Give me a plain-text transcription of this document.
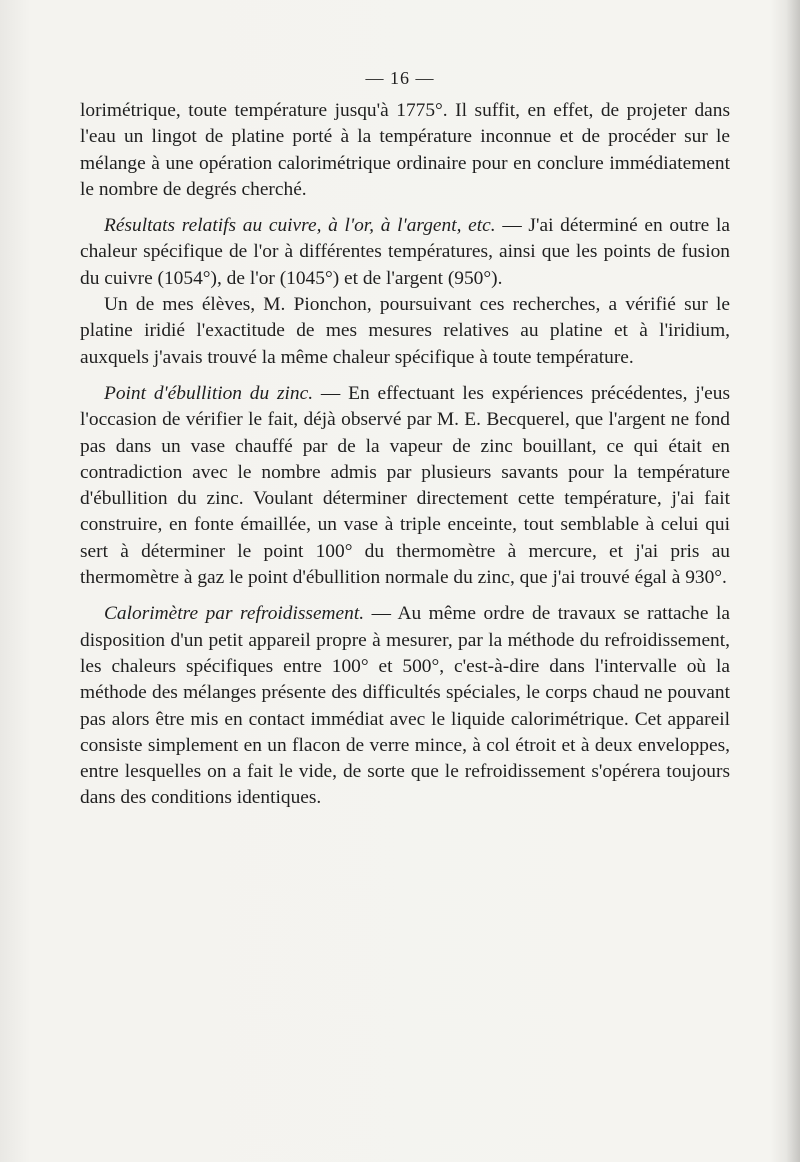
— 16 —

lorimétrique, toute température jusqu'à 1775°. Il suffit, en effet, de projeter dans l'eau un lingot de platine porté à la température inconnue et de procéder sur le mélange à une opération calorimétrique ordinaire pour en conclure immédiatement le nombre de degrés cherché.

Résultats relatifs au cuivre, à l'or, à l'argent, etc. — J'ai déterminé en outre la chaleur spécifique de l'or à différentes températures, ainsi que les points de fusion du cuivre (1054°), de l'or (1045°) et de l'argent (950°).

Un de mes élèves, M. Pionchon, poursuivant ces recherches, a vérifié sur le platine iridié l'exactitude de mes mesures relatives au platine et à l'iridium, auxquels j'avais trouvé la même chaleur spécifique à toute température.

Point d'ébullition du zinc. — En effectuant les expériences précédentes, j'eus l'occasion de vérifier le fait, déjà observé par M. E. Becquerel, que l'argent ne fond pas dans un vase chauffé par de la vapeur de zinc bouillant, ce qui était en contradiction avec le nombre admis par plusieurs savants pour la température d'ébullition du zinc. Voulant déterminer directement cette température, j'ai fait construire, en fonte émaillée, un vase à triple enceinte, tout semblable à celui qui sert à déterminer le point 100° du thermomètre à mercure, et j'ai pris au thermomètre à gaz le point d'ébullition normale du zinc, que j'ai trouvé égal à 930°.

Calorimètre par refroidissement. — Au même ordre de travaux se rattache la disposition d'un petit appareil propre à mesurer, par la méthode du refroidissement, les chaleurs spécifiques entre 100° et 500°, c'est-à-dire dans l'intervalle où la méthode des mélanges présente des difficultés spéciales, le corps chaud ne pouvant pas alors être mis en contact immédiat avec le liquide calorimétrique. Cet appareil consiste simplement en un flacon de verre mince, à col étroit et à deux enveloppes, entre lesquelles on a fait le vide, de sorte que le refroidissement s'opérera toujours dans des conditions identiques.
